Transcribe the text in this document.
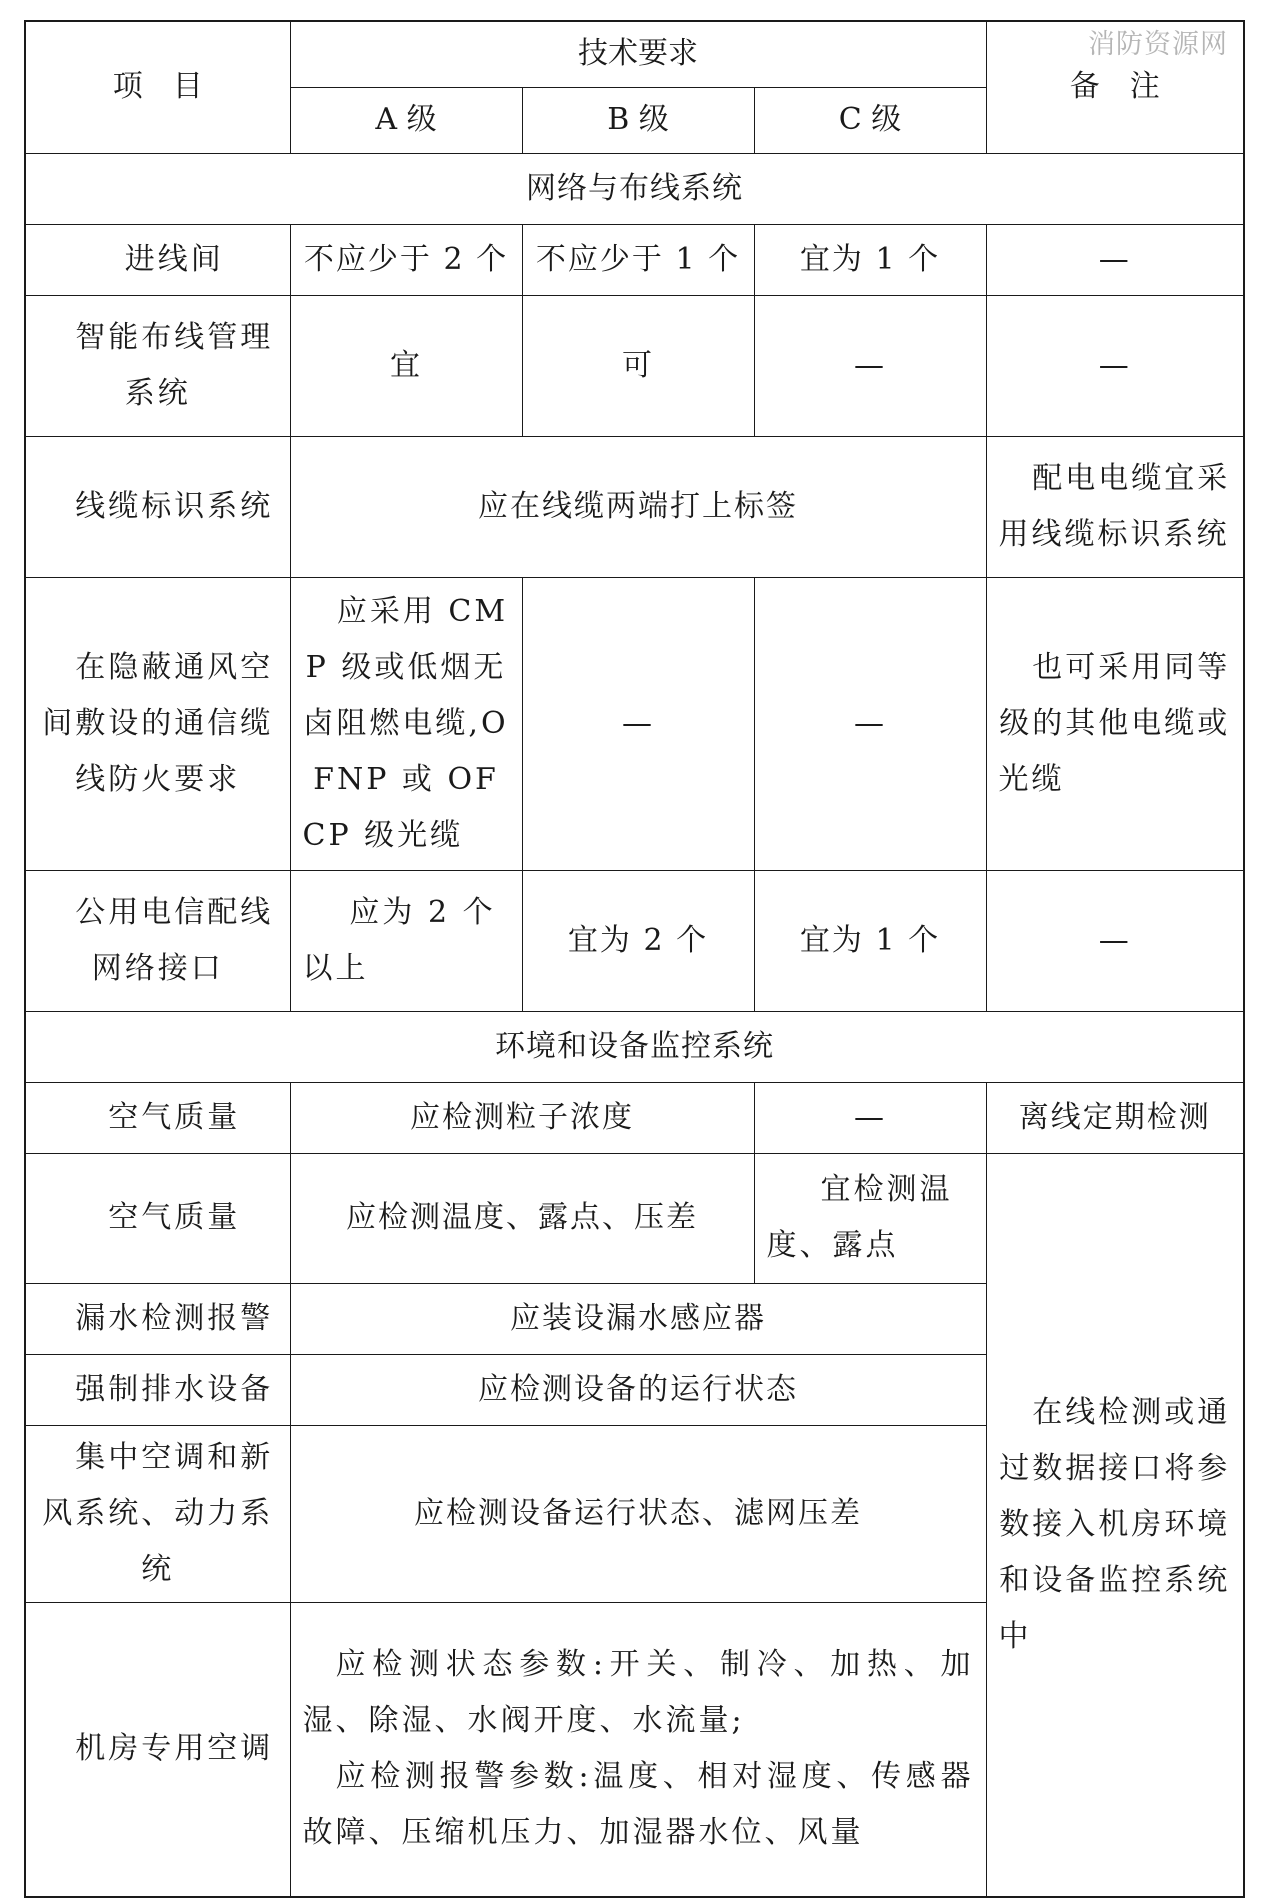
消防资源网
项　目	技术要求			备　注
	A 级	B 级	C 级	
网络与布线系统				
进线间	不应少于 2 个	不应少于 1 个	宜为 1 个	—
智能布线管理系统	宜	可	—	—
线缆标识系统	应在线缆两端打上标签			配电电缆宜采用线缆标识系统
在隐蔽通风空间敷设的通信缆线防火要求	应采用 CMP 级或低烟无卤阻燃电缆,OFNP 或 OFCP 级光缆	—	—	也可采用同等级的其他电缆或光缆
公用电信配线网络接口	应为 2 个以上	宜为 2 个	宜为 1 个	—
环境和设备监控系统				
空气质量	应检测粒子浓度		—	离线定期检测
空气质量	应检测温度、露点、压差		宜检测温度、露点	在线检测或通过数据接口将参数接入机房环境和设备监控系统中
漏水检测报警	应装设漏水感应器			
强制排水设备	应检测设备的运行状态			
集中空调和新风系统、动力系统	应检测设备运行状态、滤网压差			
机房专用空调	应检测状态参数:开关、制冷、加热、加湿、除湿、水阀开度、水流量;
应检测报警参数:温度、相对湿度、传感器故障、压缩机压力、加湿器水位、风量			
